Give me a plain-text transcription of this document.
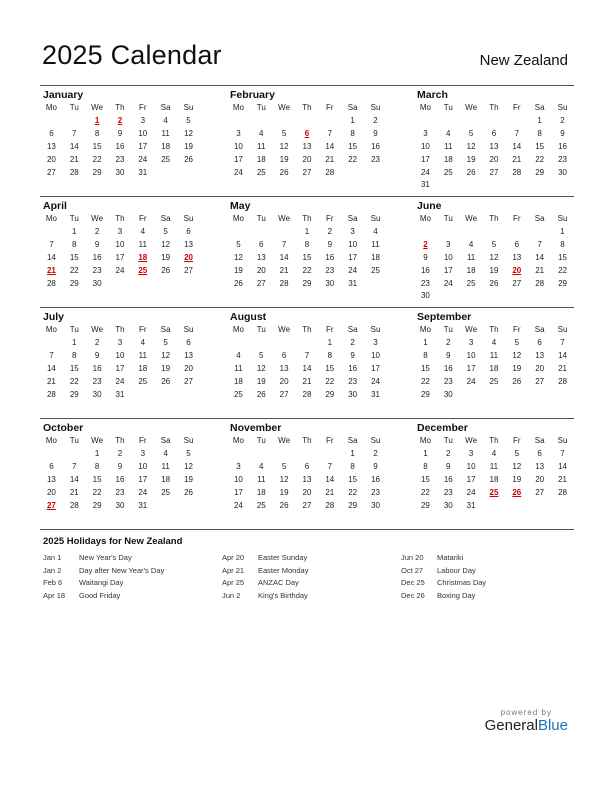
2025 Calendar	New Zealand
January
Mo	Tu	We	Th	Fr	Sa	Su
		1	2	3	4	5
6	7	8	9	10	11	12
13	14	15	16	17	18	19
20	21	22	23	24	25	26
27	28	29	30	31		
February
Mo	Tu	We	Th	Fr	Sa	Su
					1	2
3	4	5	6	7	8	9
10	11	12	13	14	15	16
17	18	19	20	21	22	23
24	25	26	27	28		
March
Mo	Tu	We	Th	Fr	Sa	Su
					1	2
3	4	5	6	7	8	9
10	11	12	13	14	15	16
17	18	19	20	21	22	23
24	25	26	27	28	29	30
31						
April
Mo	Tu	We	Th	Fr	Sa	Su
	1	2	3	4	5	6
7	8	9	10	11	12	13
14	15	16	17	18	19	20
21	22	23	24	25	26	27
28	29	30				
May
Mo	Tu	We	Th	Fr	Sa	Su
			1	2	3	4
5	6	7	8	9	10	11
12	13	14	15	16	17	18
19	20	21	22	23	24	25
26	27	28	29	30	31	
June
Mo	Tu	We	Th	Fr	Sa	Su
						1
2	3	4	5	6	7	8
9	10	11	12	13	14	15
16	17	18	19	20	21	22
23	24	25	26	27	28	29
30						
July
Mo	Tu	We	Th	Fr	Sa	Su
	1	2	3	4	5	6
7	8	9	10	11	12	13
14	15	16	17	18	19	20
21	22	23	24	25	26	27
28	29	30	31			
August
Mo	Tu	We	Th	Fr	Sa	Su
				1	2	3
4	5	6	7	8	9	10
11	12	13	14	15	16	17
18	19	20	21	22	23	24
25	26	27	28	29	30	31
September
Mo	Tu	We	Th	Fr	Sa	Su
1	2	3	4	5	6	7
8	9	10	11	12	13	14
15	16	17	18	19	20	21
22	23	24	25	26	27	28
29	30					
October
Mo	Tu	We	Th	Fr	Sa	Su
		1	2	3	4	5
6	7	8	9	10	11	12
13	14	15	16	17	18	19
20	21	22	23	24	25	26
27	28	29	30	31		
November
Mo	Tu	We	Th	Fr	Sa	Su
					1	2
3	4	5	6	7	8	9
10	11	12	13	14	15	16
17	18	19	20	21	22	23
24	25	26	27	28	29	30
December
Mo	Tu	We	Th	Fr	Sa	Su
1	2	3	4	5	6	7
8	9	10	11	12	13	14
15	16	17	18	19	20	21
22	23	24	25	26	27	28
29	30	31				
2025 Holidays for New Zealand
Jan 1 New Year's Day
Jan 2 Day after New Year's Day
Feb 6 Waitangi Day
Apr 18 Good Friday
Apr 20 Easter Sunday
Apr 21 Easter Monday
Apr 25 ANZAC Day
Jun 2 King's Birthday
Jun 20 Matariki
Oct 27 Labour Day
Dec 25 Christmas Day
Dec 26 Boxing Day
powered by
GeneralBlue
